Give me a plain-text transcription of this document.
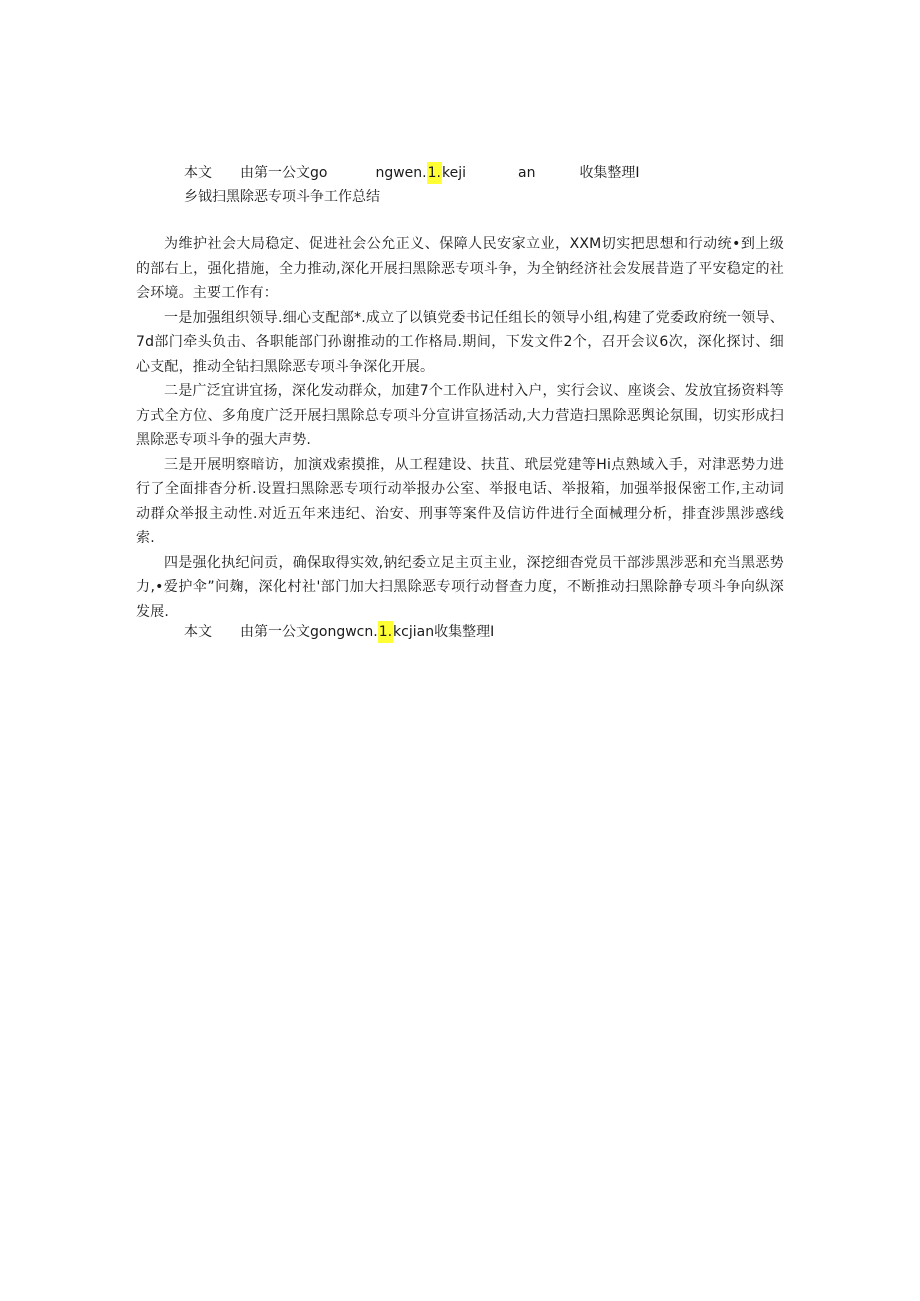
本文 由第一公文go	ngwen.1.keji	an	收集整理I
乡钺扫黑除恶专项斗争工作总结

为维护社会大局稳定、促进社会公允正义、保障人民安家立业，XXM切实把思想和行动统•到上级的部右上，强化措施，全力推动,深化开展扫黑除恶专项斗争，为全钠经济社会发展昔造了平安稳定的社会环境。主要工作有：

一是加强组织领导.细心支配部*.成立了以镇党委书记任组长的领导小组,构建了党委政府统一领导、7d部门牵头负击、各职能部门孙谢推动的工作格局.期间，下发文件2个，召开会议6次，深化探讨、细心支配，推动全钻扫黑除恶专项斗争深化开展。

二是广泛宜讲宜扬，深化发动群众，加建7个工作队进村入户，实行会议、座谈会、发放宜扬资料等方式全方位、多角度广泛开展扫黑除总专项斗分宣讲宣扬活动,大力营造扫黑除恶舆论氛围，切实形成扫黑除恶专项斗争的强大声势.

三是开展明察暗访，加演戏索摸推，从工程建设、扶苴、玳层党建等Hi点熟域入手，对津恶势力进行了全面排杳分析.设置扫黑除恶专项行动举报办公室、举报电话、举报箱，加强举报保密工作,主动词动群众举报主动性.对近五年来违纪、治安、刑事等案件及信访件进行全面械理分析，排査涉黑涉惑线索.

四是强化执纪问贡，确保取得实效,钠纪委立足主页主业，深挖细杳党员干部涉黑涉恶和充当黑恶势力,•爱护伞”问麹，深化村社'部门加大扫黑除恶专项行动督查力度，不断推动扫黑除静专项斗争向纵深发展.

本文 由第一公文gongwcn.1.kcjian收集整理I
